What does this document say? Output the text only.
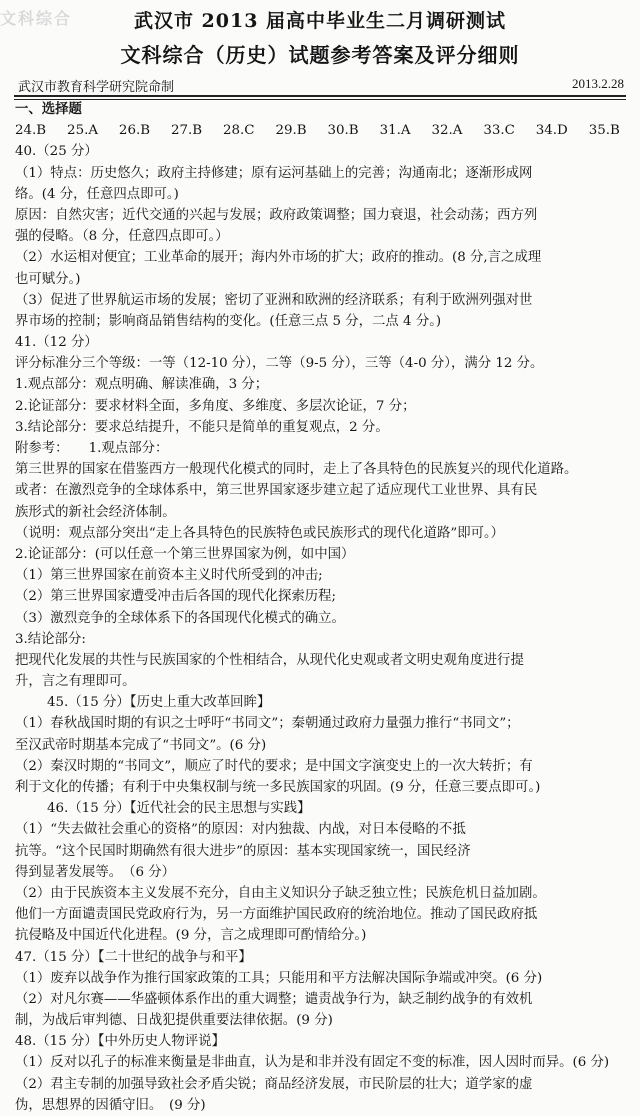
文科综合	武汉市 2013 届高中毕业生二月调研测试
文科综合（历史）试题参考答案及评分细则
武汉市教育科学研究院命制	2013.2.28
一、选择题
24.B 25.A 26.B 27.B 28.C 29.B 30.B 31.A 32.A 33.C 34.D 35.B
40.（25 分）
（1）特点：历史悠久；政府主持修建；原有运河基础上的完善；沟通南北；逐渐形成网
络。(4 分，任意四点即可。)
原因：自然灾害；近代交通的兴起与发展；政府政策调整；国力衰退，社会动荡；西方列
强的侵略。（8 分，任意四点即可。）
（2）水运相对便宜；工业革命的展开；海内外市场的扩大；政府的推动。(8 分,言之成理
也可赋分。)
（3）促进了世界航运市场的发展；密切了亚洲和欧洲的经济联系；有利于欧洲列强对世
界市场的控制；影响商品销售结构的变化。(任意三点 5 分，二点 4 分。)
41.（12 分）
评分标准分三个等级：一等（12-10 分），二等（9-5 分），三等（4-0 分），满分 12 分。
1.观点部分：观点明确、解读准确，3 分；
2.论证部分：要求材料全面，多角度、多维度、多层次论证，7 分；
3.结论部分：要求总结提升，不能只是简单的重复观点，2 分。
附参考：　　1.观点部分：
第三世界的国家在借鉴西方一般现代化模式的同时，走上了各具特色的民族复兴的现代化道路。
或者：在激烈竞争的全球体系中，第三世界国家逐步建立起了适应现代工业世界、具有民
族形式的新社会经济体制。
（说明：观点部分突出“走上各具特色的民族特色或民族形式的现代化道路”即可。）
2.论证部分：(可以任意一个第三世界国家为例，如中国）
（1）第三世界国家在前资本主义时代所受到的冲击;
（2）第三世界国家遭受冲击后各国的现代化探索历程;
（3）激烈竞争的全球体系下的各国现代化模式的确立。
3.结论部分:
把现代化发展的共性与民族国家的个性相结合，从现代化史观或者文明史观角度进行提
升，言之有理即可。
45.（15 分）【历史上重大改革回眸】
（1）春秋战国时期的有识之士呼吁“书同文”；秦朝通过政府力量强力推行“书同文”；
至汉武帝时期基本完成了“书同文”。(6 分)
（2）秦汉时期的“书同文”，顺应了时代的要求；是中国文字演变史上的一次大转折；有
利于文化的传播；有利于中央集权制与统一多民族国家的巩固。(9 分，任意三要点即可。)
46.（15 分）【近代社会的民主思想与实践】
（1）“失去做社会重心的资格”的原因：对内独裁、内战，对日本侵略的不抵
抗等。“这个民国时期确然有很大进步”的原因：基本实现国家统一，国民经济
得到显著发展等。　（6 分）
（2）由于民族资本主义发展不充分，自由主义知识分子缺乏独立性；民族危机日益加剧。
他们一方面谴责国民党政府行为，另一方面维护国民政府的统治地位。推动了国民政府抵
抗侵略及中国近代化进程。(9 分，言之成理即可酌情给分。)
47.（15 分）【二十世纪的战争与和平】
（1）废弃以战争作为推行国家政策的工具；只能用和平方法解决国际争端或冲突。(6 分)
（2）对凡尔赛——华盛顿体系作出的重大调整；谴责战争行为，缺乏制约战争的有效机
制，为战后审判德、日战犯提供重要法律依据。(9 分)
48.（15 分）【中外历史人物评说】
（1）反对以孔子的标准来衡量是非曲直，认为是和非并没有固定不变的标准，因人因时而异。(6 分)
（2）君主专制的加强导致社会矛盾尖锐；商品经济发展，市民阶层的壮大；道学家的虚
伪，思想界的因循守旧。　(9 分)
